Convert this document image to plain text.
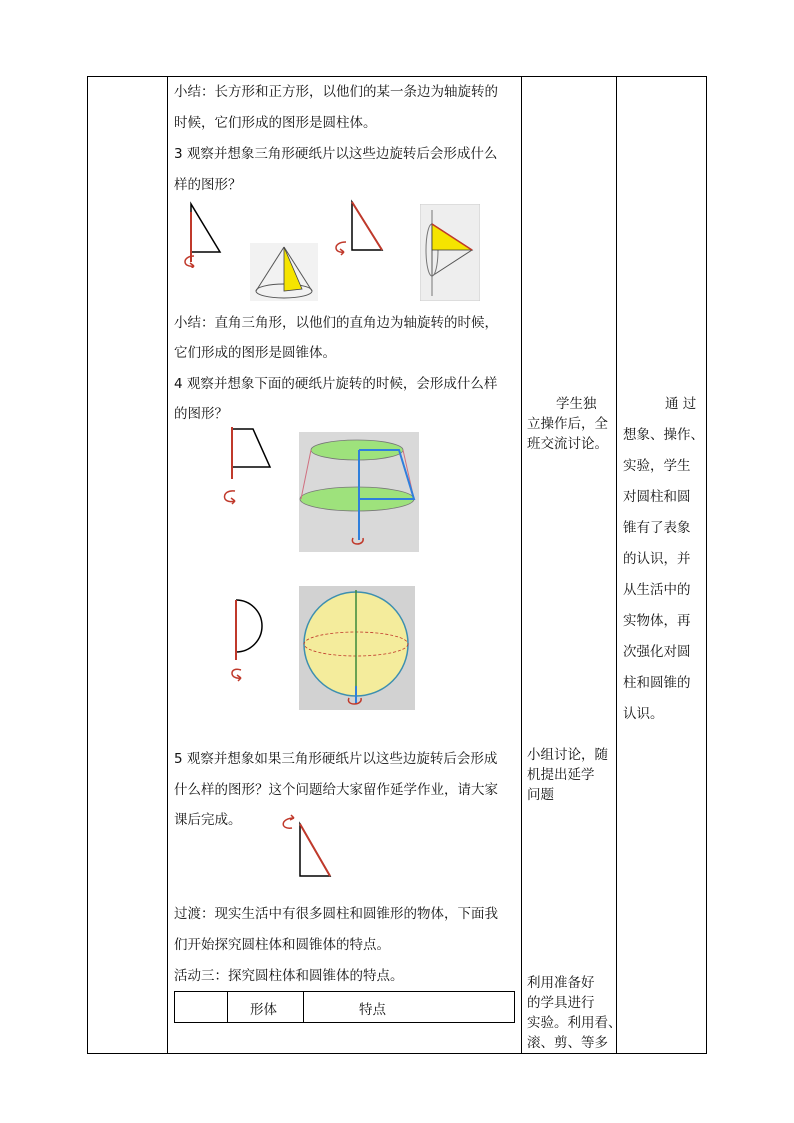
小结：长方形和正方形，以他们的某一条边为轴旋转的
时候，它们形成的图形是圆柱体。
3 观察并想象三角形硬纸片以这些边旋转后会形成什么
样的图形？
小结：直角三角形，以他们的直角边为轴旋转的时候，
它们形成的图形是圆锥体。
4 观察并想象下面的硬纸片旋转的时候，会形成什么样
的图形？
5 观察并想象如果三角形硬纸片以这些边旋转后会形成
什么样的图形？这个问题给大家留作延学作业，请大家
课后完成。
过渡：现实生活中有很多圆柱和圆锥形的物体，下面我
们开始探究圆柱体和圆锥体的特点。
活动三：探究圆柱体和圆锥体的特点。
形体	特点
学生独
立操作后，全
班交流讨论。
小组讨论，随
机提出延学
问题
利用准备好
的学具进行
实验。利用看、
滚、剪、等多
通 过
想象、操作、
实验，学生
对圆柱和圆
锥有了表象
的认识，并
从生活中的
实物体，再
次强化对圆
柱和圆锥的
认识。
